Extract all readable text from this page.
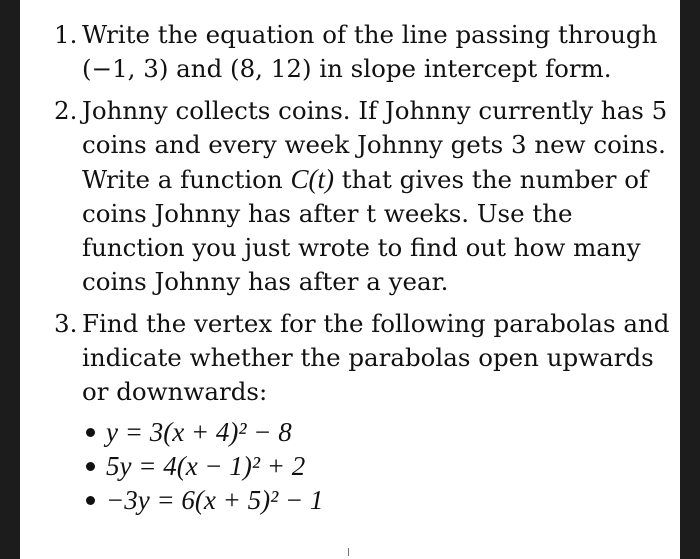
1. Write the equation of the line passing through (−1, 3) and (8, 12) in slope intercept form.
2. Johnny collects coins. If Johnny currently has 5 coins and every week Johnny gets 3 new coins. Write a function C(t) that gives the number of coins Johnny has after t weeks. Use the function you just wrote to find out how many coins Johnny has after a year.
3. Find the vertex for the following parabolas and indicate whether the parabolas open upwards or downwards:
y = 3(x + 4)² − 8
5y = 4(x − 1)² + 2
−3y = 6(x + 5)² − 1
